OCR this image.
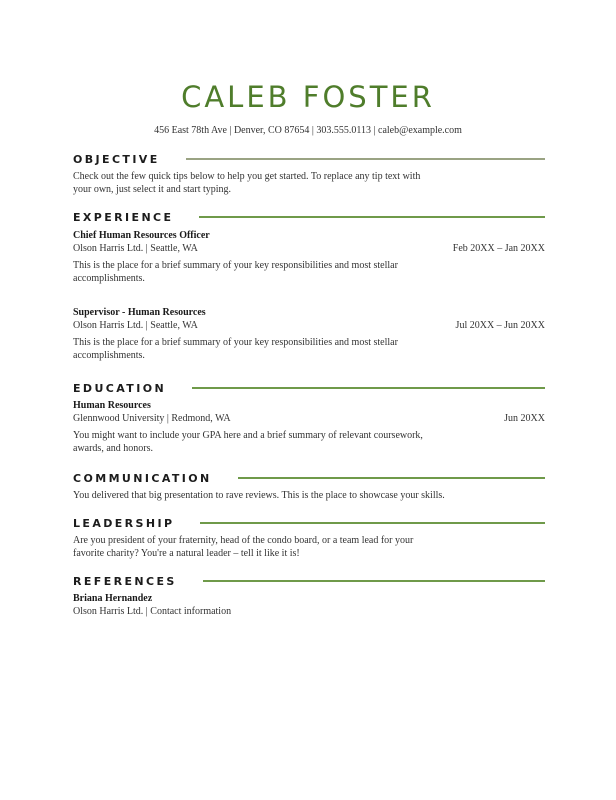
CALEB FOSTER
456 East 78th Ave | Denver, CO 87654 | 303.555.0113 | caleb@example.com
OBJECTIVE
Check out the few quick tips below to help you get started. To replace any tip text with your own, just select it and start typing.
EXPERIENCE
Chief Human Resources Officer
Olson Harris Ltd. | Seattle, WA	Feb 20XX – Jan 20XX
This is the place for a brief summary of your key responsibilities and most stellar accomplishments.
Supervisor - Human Resources
Olson Harris Ltd. | Seattle, WA	Jul 20XX – Jun 20XX
This is the place for a brief summary of your key responsibilities and most stellar accomplishments.
EDUCATION
Human Resources
Glennwood University | Redmond, WA	Jun 20XX
You might want to include your GPA here and a brief summary of relevant coursework, awards, and honors.
COMMUNICATION
You delivered that big presentation to rave reviews. This is the place to showcase your skills.
LEADERSHIP
Are you president of your fraternity, head of the condo board, or a team lead for your favorite charity? You're a natural leader – tell it like it is!
REFERENCES
Briana Hernandez
Olson Harris Ltd. | Contact information
